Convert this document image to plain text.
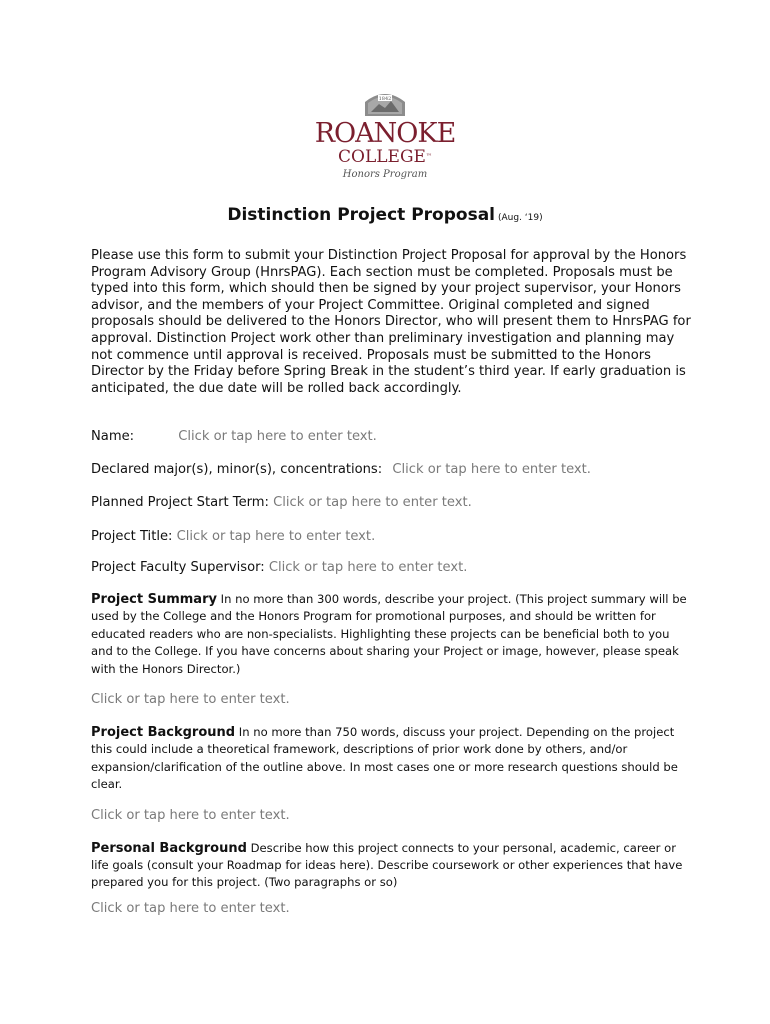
1842
ROANOKE
COLLEGE™
Honors Program
Distinction Project Proposal (Aug. ‘19)
Please use this form to submit your Distinction Project Proposal for approval by the Honors Program Advisory Group (HnrsPAG). Each section must be completed. Proposals must be typed into this form, which should then be signed by your project supervisor, your Honors advisor, and the members of your Project Committee. Original completed and signed proposals should be delivered to the Honors Director, who will present them to HnrsPAG for approval. Distinction Project work other than preliminary investigation and planning may not commence until approval is received. Proposals must be submitted to the Honors Director by the Friday before Spring Break in the student’s third year. If early graduation is anticipated, the due date will be rolled back accordingly.
Name:	Click or tap here to enter text.
Declared major(s), minor(s), concentrations: Click or tap here to enter text.
Planned Project Start Term: Click or tap here to enter text.
Project Title: Click or tap here to enter text.
Project Faculty Supervisor: Click or tap here to enter text.
Project Summary In no more than 300 words, describe your project. (This project summary will be used by the College and the Honors Program for promotional purposes, and should be written for educated readers who are non-specialists. Highlighting these projects can be beneficial both to you and to the College. If you have concerns about sharing your Project or image, however, please speak with the Honors Director.)
Click or tap here to enter text.
Project Background In no more than 750 words, discuss your project. Depending on the project this could include a theoretical framework, descriptions of prior work done by others, and/or expansion/clarification of the outline above. In most cases one or more research questions should be clear.
Click or tap here to enter text.
Personal Background Describe how this project connects to your personal, academic, career or life goals (consult your Roadmap for ideas here). Describe coursework or other experiences that have prepared you for this project. (Two paragraphs or so)
Click or tap here to enter text.
